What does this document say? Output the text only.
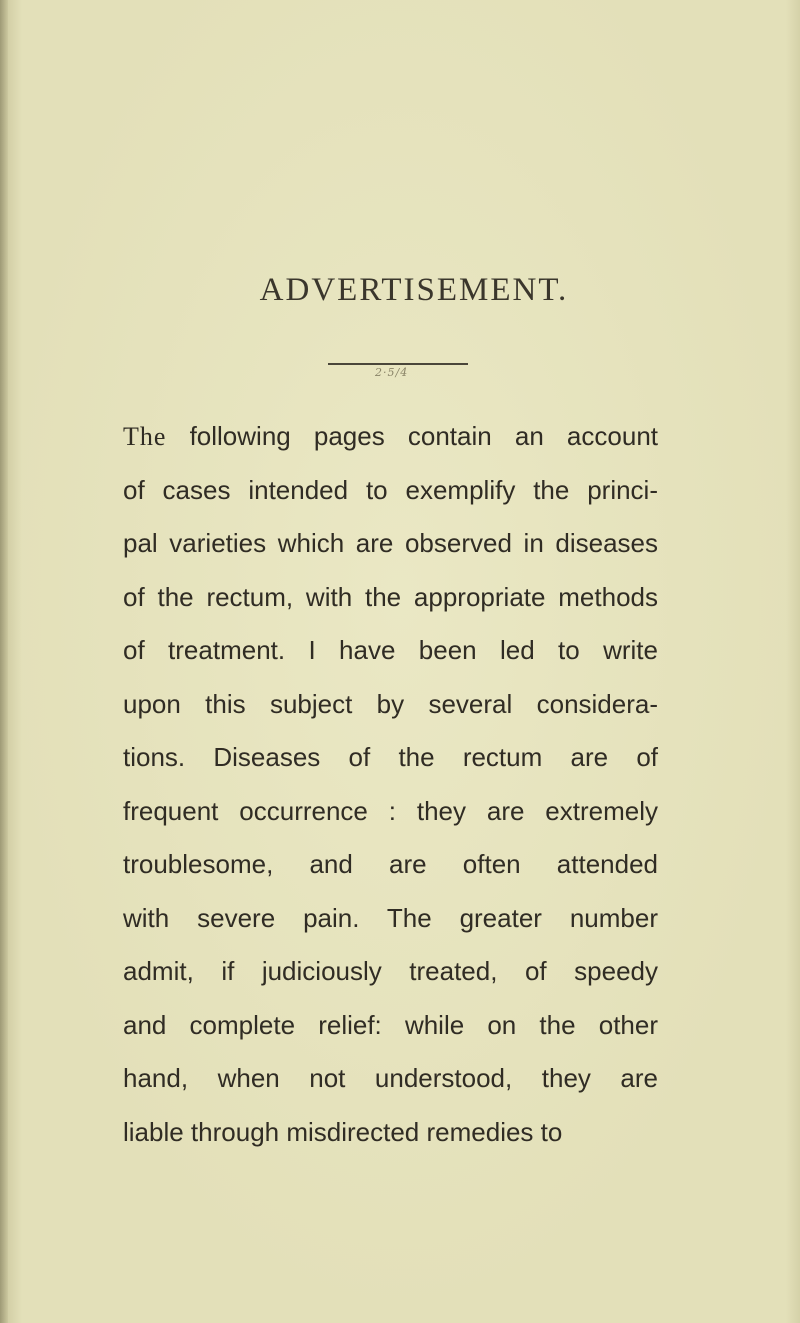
ADVERTISEMENT.
2·5/4
The following pages contain an account
of cases intended to exemplify the princi-
pal varieties which are observed in diseases
of the rectum, with the appropriate methods
of treatment. I have been led to write
upon this subject by several considera-
tions. Diseases of the rectum are of
frequent occurrence : they are extremely
troublesome, and are often attended
with severe pain. The greater number
admit, if judiciously treated, of speedy
and complete relief: while on the other
hand, when not understood, they are
liable through misdirected remedies to
